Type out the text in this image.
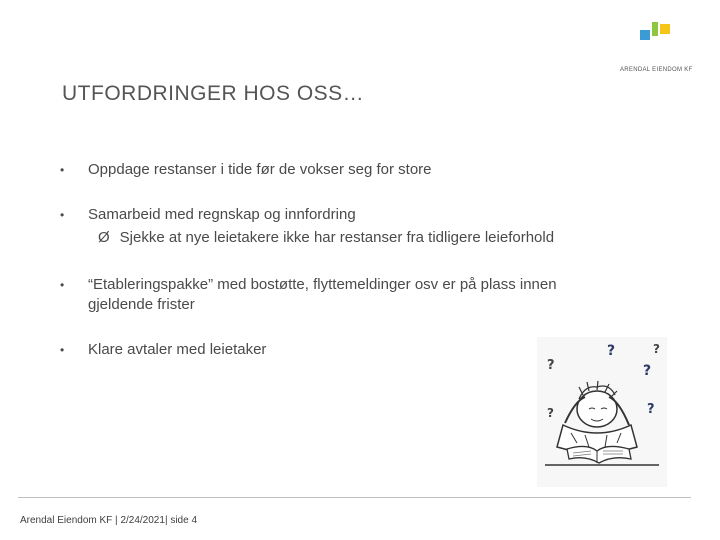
ARENDAL EIENDOM KF
UTFORDRINGER HOS OSS…
• Oppdage restanser i tide før de vokser seg for store
• Samarbeid med regnskap og innfordring
Ø Sjekke at nye leietakere ikke har restanser fra tidligere leieforhold
• “Etableringspakke” med bostøtte, flyttemeldinger osv er på plass innen gjeldende frister
• Klare avtaler med leietaker
?
?	?
?
?	?
Arendal Eiendom KF | 2/24/2021| side 4
